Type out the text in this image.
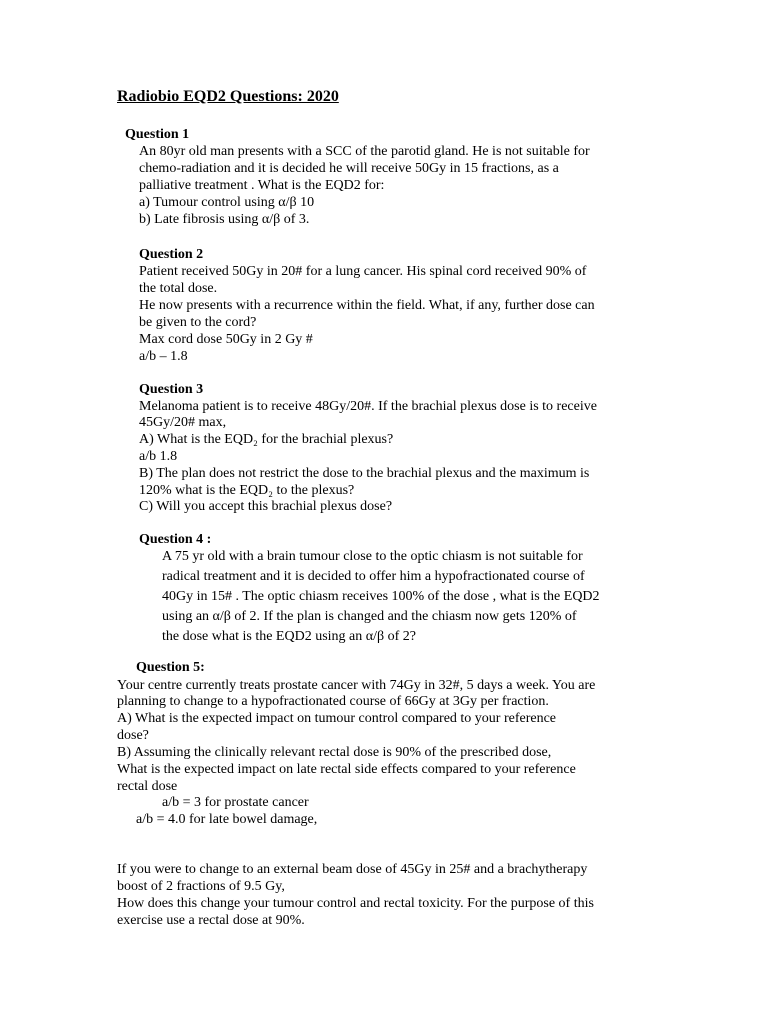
Radiobio EQD2 Questions: 2020
Question 1
An 80yr old man presents with a SCC of the parotid gland. He is not suitable for
chemo-radiation and it is decided he will receive 50Gy in 15 fractions, as a
palliative treatment . What is the EQD2 for:
a) Tumour control using α/β 10
b) Late fibrosis using α/β of 3.
Question 2
Patient received 50Gy in 20# for a lung cancer. His spinal cord received 90% of
the total dose.
He now presents with a recurrence within the field. What, if any, further dose can
be given to the cord?
Max cord dose 50Gy in 2 Gy #
a/b – 1.8
Question 3
Melanoma patient is to receive 48Gy/20#. If the brachial plexus dose is to receive
45Gy/20# max,
A) What is the EQD₂ for the brachial plexus?
a/b 1.8
B) The plan does not restrict the dose to the brachial plexus and the maximum is
120% what is the EQD₂ to the plexus?
C) Will you accept this brachial plexus dose?
Question 4 :
A 75 yr old with a brain tumour close to the optic chiasm is not suitable for
radical treatment and it is decided to offer him a hypofractionated course of
40Gy in 15# . The optic chiasm receives 100% of the dose , what is the EQD2
using an α/β of 2. If the plan is changed and the chiasm now gets 120% of
the dose what is the EQD2 using an α/β of 2?
Question 5:
Your centre currently treats prostate cancer with 74Gy in 32#, 5 days a week. You are
planning to change to a hypofractionated course of 66Gy at 3Gy per fraction.
A) What is the expected impact on tumour control compared to your reference
dose?
B) Assuming the clinically relevant rectal dose is 90% of the prescribed dose,
What is the expected impact on late rectal side effects compared to your reference
rectal dose
a/b = 3 for prostate cancer
a/b = 4.0 for late bowel damage,
If you were to change to an external beam dose of 45Gy in 25# and a brachytherapy
boost of 2 fractions of 9.5 Gy,
How does this change your tumour control and rectal toxicity. For the purpose of this
exercise use a rectal dose at 90%.
